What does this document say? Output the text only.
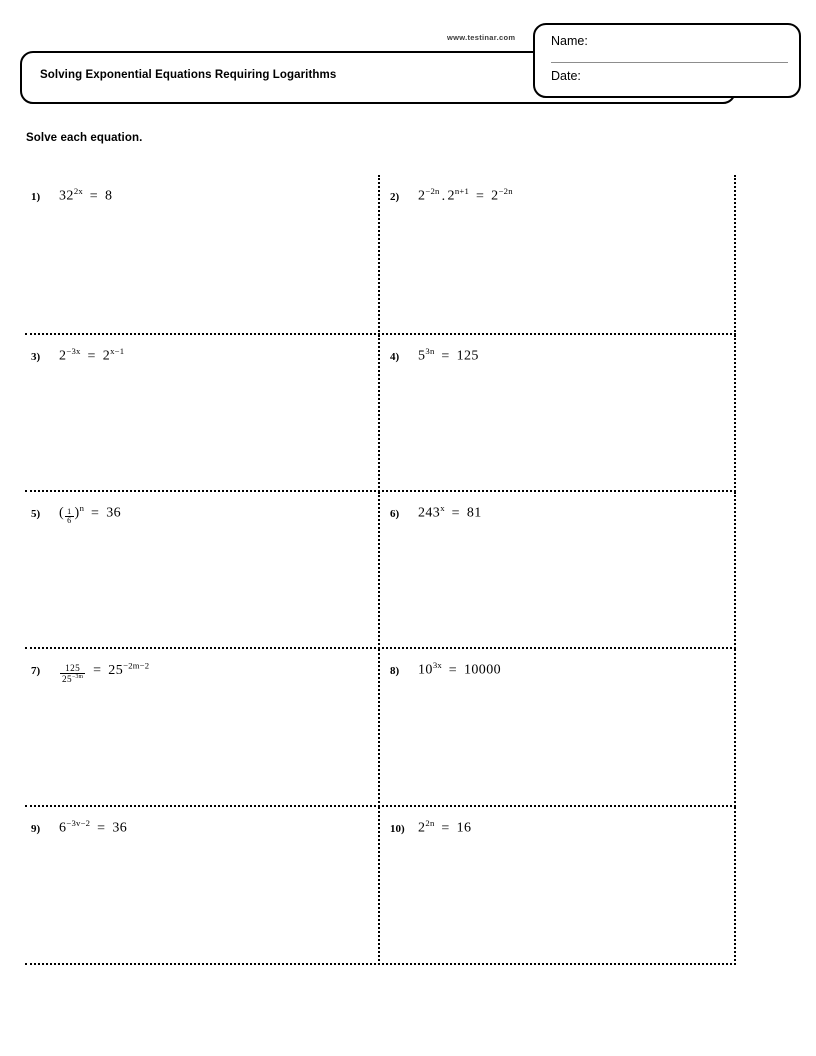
www.testinar.com
Solving Exponential Equations Requiring Logarithms
Name:
Date:
Solve each equation.
1)	$32^{2x} = 8$	2)	$2^{-2n}$ . $2^{n+1} = 2^{-2n}$
3)	$2^{-3x} = 2^{x-1}$	4)	$5^{3n} = 125$
5)	( $\frac{1}{6} )^n = 36$	6)	$243^x = 81$
7)	$\frac{125}{25^{-3m}} = 25^{-2m-2}$	8)	$10^{3x} = 10000$
9)	$6^{-3v-2} = 36$	10) $2^{2n} = 16$
